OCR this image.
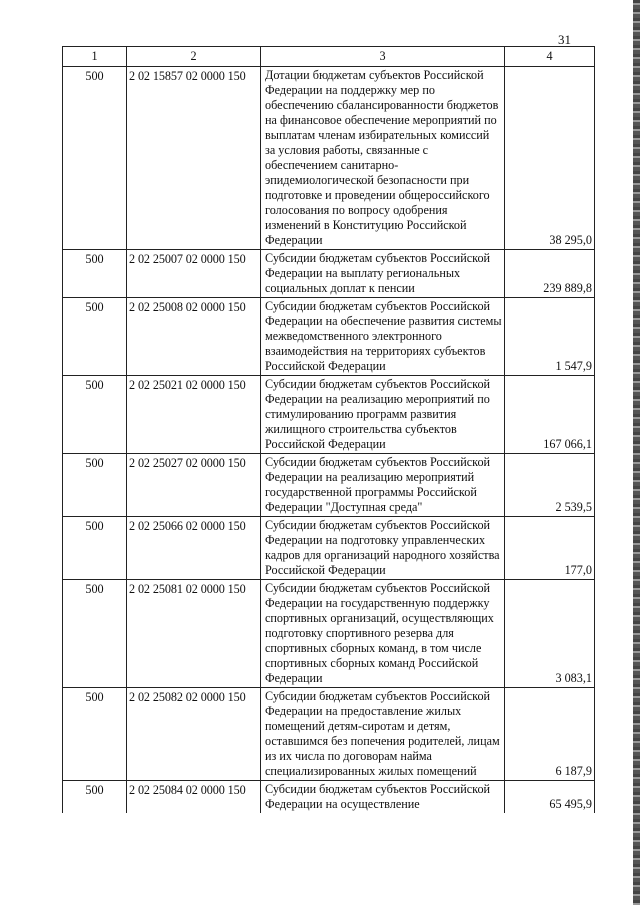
31
1	2	3	4
500	2 02 15857 02 0000 150	Дотации бюджетам субъектов Российской Федерации на поддержку мер по обеспечению сбалансированности бюджетов на финансовое обеспечение мероприятий по выплатам членам избирательных комиссий за условия работы, связанные с обеспечением санитарно-эпидемиологической безопасности при подготовке и проведении общероссийского голосования по вопросу одобрения изменений в Конституцию Российской Федерации	38 295,0
500	2 02 25007 02 0000 150	Субсидии бюджетам субъектов Российской Федерации на выплату региональных социальных доплат к пенсии	239 889,8
500	2 02 25008 02 0000 150	Субсидии бюджетам субъектов Российской Федерации на обеспечение развития системы межведомственного электронного взаимодействия на территориях субъектов Российской Федерации	1 547,9
500	2 02 25021 02 0000 150	Субсидии бюджетам субъектов Российской Федерации на реализацию мероприятий по стимулированию программ развития жилищного строительства субъектов Российской Федерации	167 066,1
500	2 02 25027 02 0000 150	Субсидии бюджетам субъектов Российской Федерации на реализацию мероприятий государственной программы Российской Федерации "Доступная среда"	2 539,5
500	2 02 25066 02 0000 150	Субсидии бюджетам субъектов Российской Федерации на подготовку управленческих кадров для организаций народного хозяйства Российской Федерации	177,0
500	2 02 25081 02 0000 150	Субсидии бюджетам субъектов Российской Федерации на государственную поддержку спортивных организаций, осуществляющих подготовку спортивного резерва для спортивных сборных команд, в том числе спортивных сборных команд Российской Федерации	3 083,1
500	2 02 25082 02 0000 150	Субсидии бюджетам субъектов Российской Федерации на предоставление жилых помещений детям-сиротам и детям, оставшимся без попечения родителей, лицам из их числа по договорам найма специализированных жилых помещений	6 187,9
500	2 02 25084 02 0000 150	Субсидии бюджетам субъектов Российской Федерации на осуществление	65 495,9
